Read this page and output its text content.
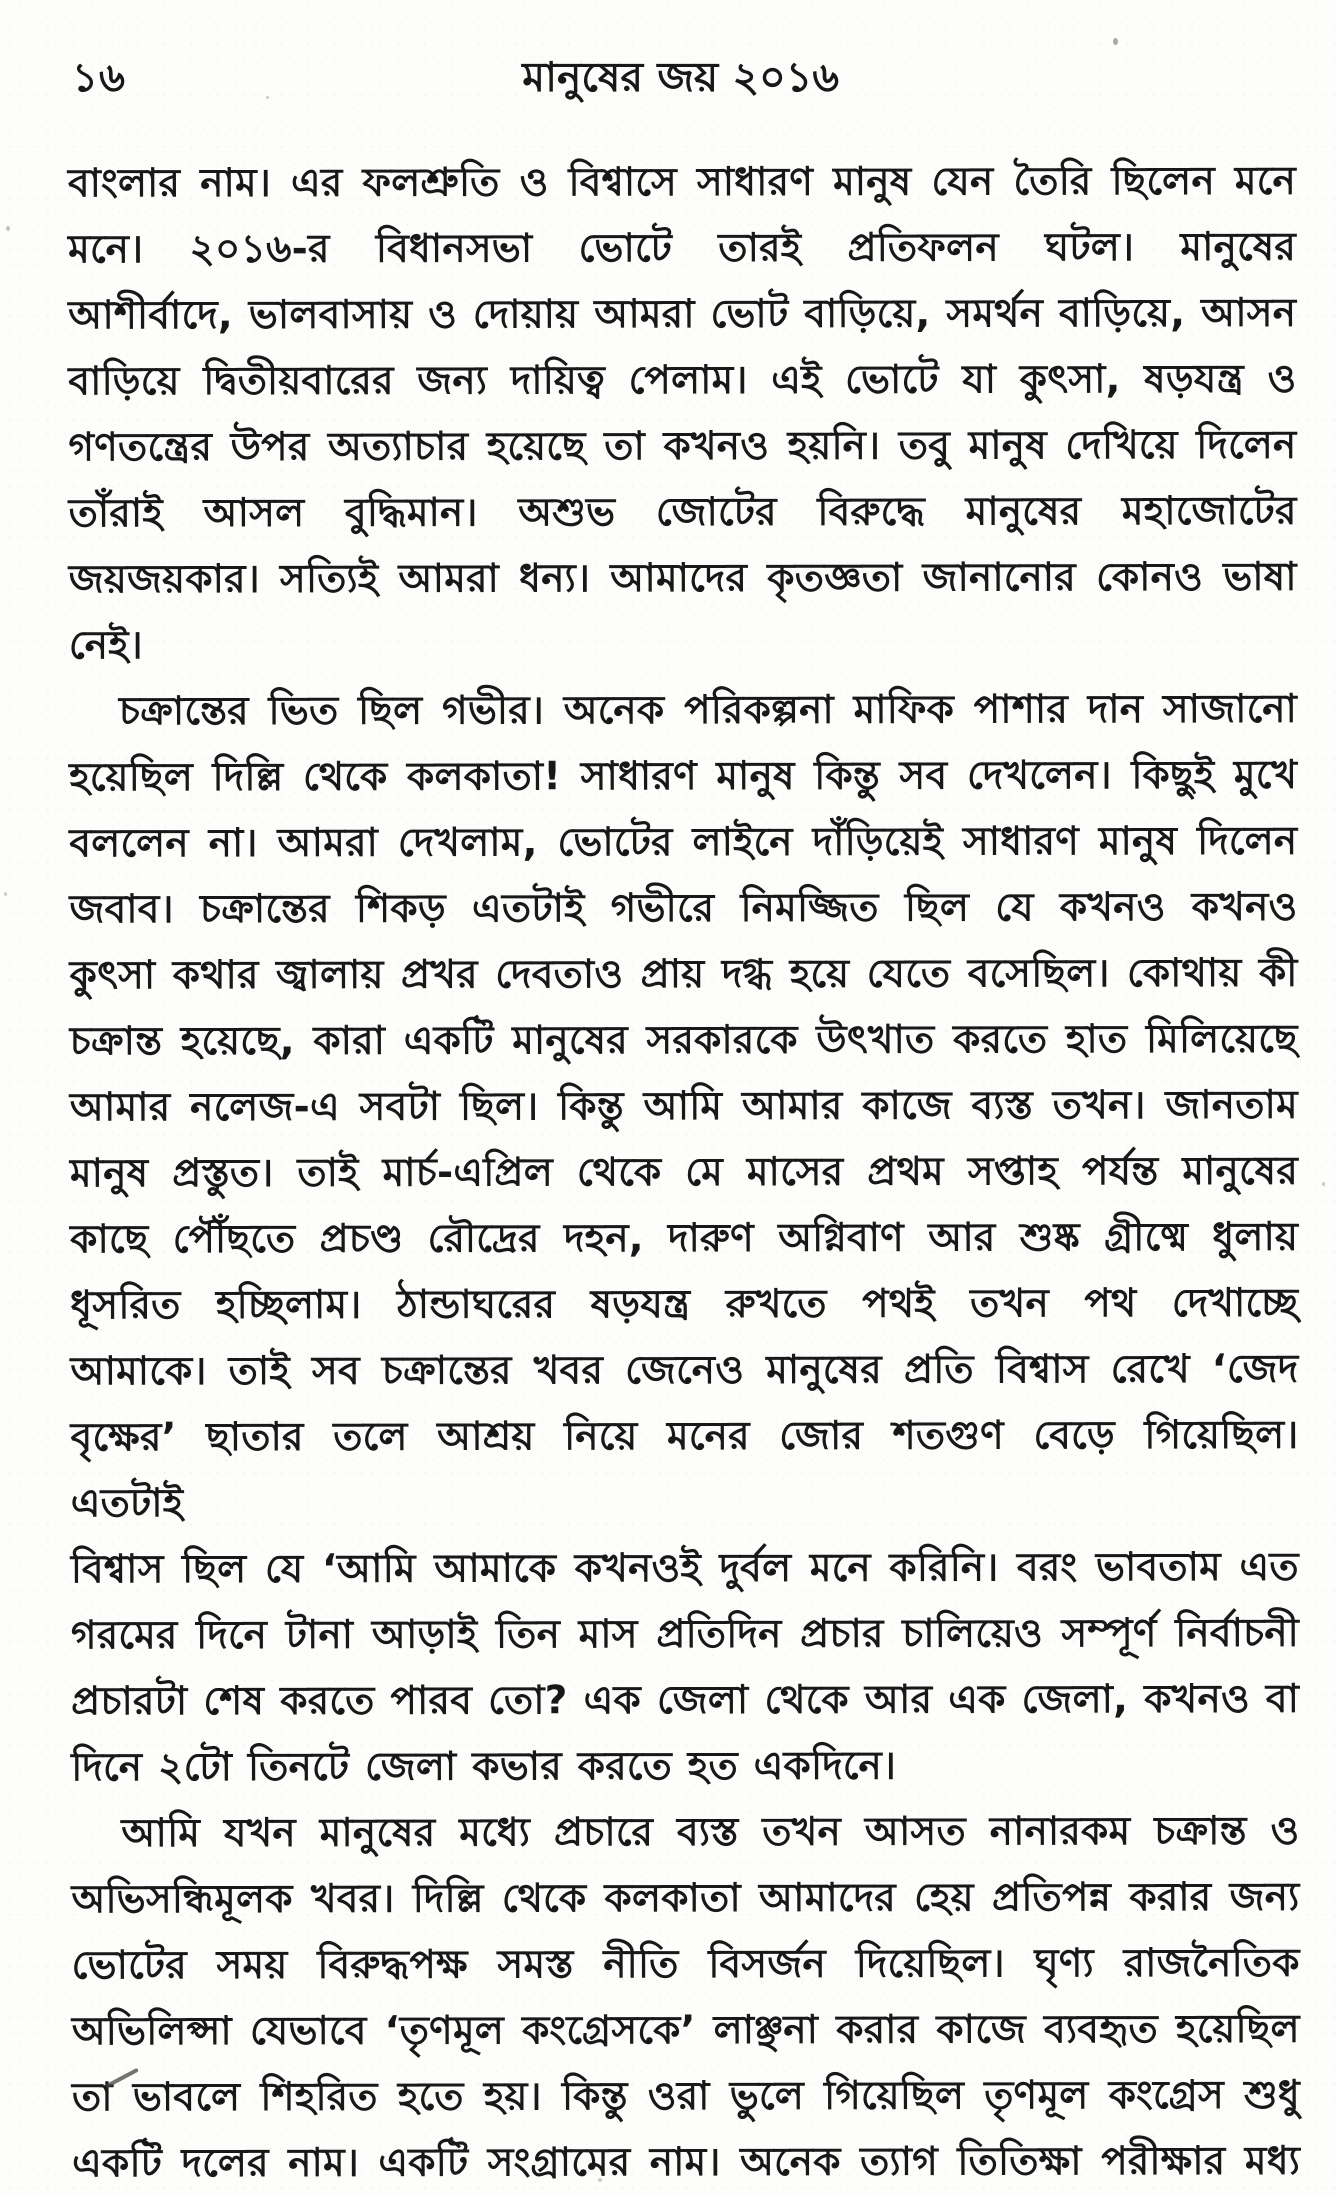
১৬	মানুষের জয় ২০১৬
বাংলার নাম। এর ফলশ্রুতি ও বিশ্বাসে সাধারণ মানুষ যেন তৈরি ছিলেন মনে
মনে। ২০১৬-র বিধানসভা ভোটে তারই প্রতিফলন ঘটল। মানুষের
আশীর্বাদে, ভালবাসায় ও দোয়ায় আমরা ভোট বাড়িয়ে, সমর্থন বাড়িয়ে, আসন
বাড়িয়ে দ্বিতীয়বারের জন্য দায়িত্ব পেলাম। এই ভোটে যা কুৎসা, ষড়যন্ত্র ও
গণতন্ত্রের উপর অত্যাচার হয়েছে তা কখনও হয়নি। তবু মানুষ দেখিয়ে দিলেন
তাঁরাই আসল বুদ্ধিমান। অশুভ জোটের বিরুদ্ধে মানুষের মহাজোটের
জয়জয়কার। সত্যিই আমরা ধন্য। আমাদের কৃতজ্ঞতা জানানোর কোনও ভাষা
নেই।
চক্রান্তের ভিত ছিল গভীর। অনেক পরিকল্পনা মাফিক পাশার দান সাজানো
হয়েছিল দিল্লি থেকে কলকাতা! সাধারণ মানুষ কিন্তু সব দেখলেন। কিছুই মুখে
বললেন না। আমরা দেখলাম, ভোটের লাইনে দাঁড়িয়েই সাধারণ মানুষ দিলেন
জবাব। চক্রান্তের শিকড় এতটাই গভীরে নিমজ্জিত ছিল যে কখনও কখনও
কুৎসা কথার জ্বালায় প্রখর দেবতাও প্রায় দগ্ধ হয়ে যেতে বসেছিল। কোথায় কী
চক্রান্ত হয়েছে, কারা একটি মানুষের সরকারকে উৎখাত করতে হাত মিলিয়েছে
আমার নলেজ-এ সবটা ছিল। কিন্তু আমি আমার কাজে ব্যস্ত তখন। জানতাম
মানুষ প্রস্তুত। তাই মার্চ-এপ্রিল থেকে মে মাসের প্রথম সপ্তাহ পর্যন্ত মানুষের
কাছে পৌঁছতে প্রচণ্ড রৌদ্রের দহন, দারুণ অগ্নিবাণ আর শুষ্ক গ্রীষ্মে ধুলায়
ধূসরিত হচ্ছিলাম। ঠান্ডাঘরের ষড়যন্ত্র রুখতে পথই তখন পথ দেখাচ্ছে
আমাকে। তাই সব চক্রান্তের খবর জেনেও মানুষের প্রতি বিশ্বাস রেখে ‘জেদ
বৃক্ষের’ ছাতার তলে আশ্রয় নিয়ে মনের জোর শতগুণ বেড়ে গিয়েছিল। এতটাই
বিশ্বাস ছিল যে ‘আমি আমাকে কখনওই দুর্বল মনে করিনি। বরং ভাবতাম এত
গরমের দিনে টানা আড়াই তিন মাস প্রতিদিন প্রচার চালিয়েও সম্পূর্ণ নির্বাচনী
প্রচারটা শেষ করতে পারব তো? এক জেলা থেকে আর এক জেলা, কখনও বা
দিনে ২টো তিনটে জেলা কভার করতে হত একদিনে।
আমি যখন মানুষের মধ্যে প্রচারে ব্যস্ত তখন আসত নানারকম চক্রান্ত ও
অভিসন্ধিমূলক খবর। দিল্লি থেকে কলকাতা আমাদের হেয় প্রতিপন্ন করার জন্য
ভোটের সময় বিরুদ্ধপক্ষ সমস্ত নীতি বিসর্জন দিয়েছিল। ঘৃণ্য রাজনৈতিক
অভিলিপ্সা যেভাবে ‘তৃণমূল কংগ্রেসকে’ লাঞ্ছনা করার কাজে ব্যবহৃত হয়েছিল
তা ভাবলে শিহরিত হতে হয়। কিন্তু ওরা ভুলে গিয়েছিল তৃণমূল কংগ্রেস শুধু
একটি দলের নাম। একটি সংগ্রামের নাম। অনেক ত্যাগ তিতিক্ষা পরীক্ষার মধ্য
